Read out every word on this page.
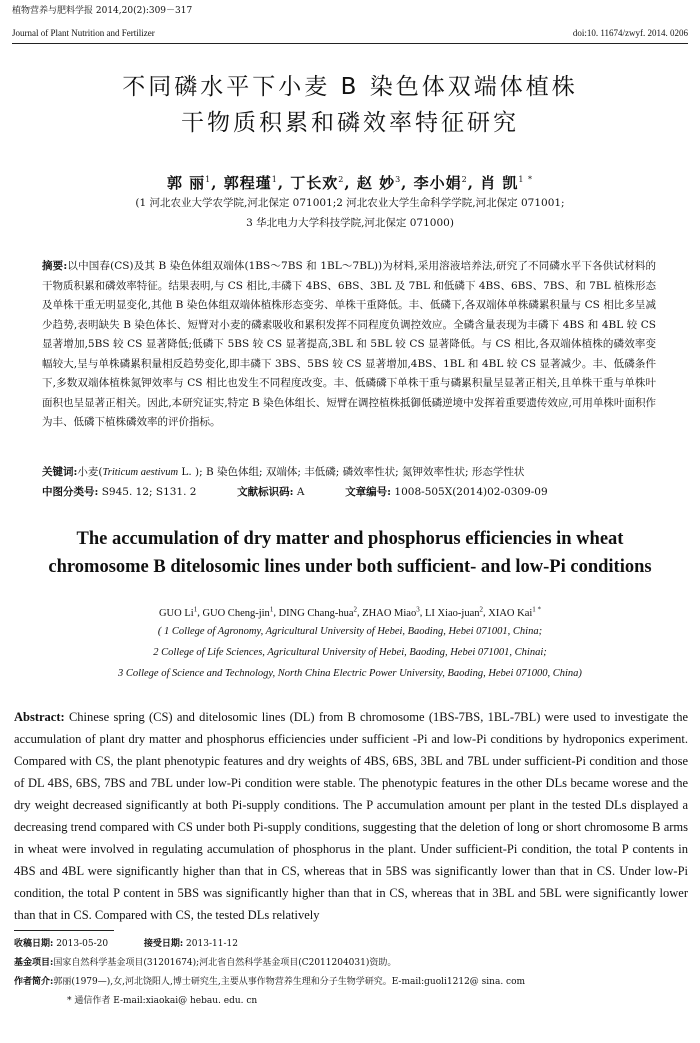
植物营养与肥料学报 2014,20(2):309－317
Journal of Plant Nutrition and Fertilizer	doi:10. 11674/zwyf. 2014. 0206
不同磷水平下小麦 B 染色体双端体植株
干物质积累和磷效率特征研究
郭 丽$^1$, 郭程瑾$^1$, 丁长欢$^2$, 赵 妙$^3$, 李小娟$^2$, 肖 凯$^{1 *}$
(1 河北农业大学农学院,河北保定 071001;2 河北农业大学生命科学学院,河北保定 071001;
3 华北电力大学科技学院,河北保定 071000)
摘要:以中国春(CS)及其 B 染色体组双端体(1BS～7BS 和 1BL～7BL))为材料,采用溶液培养法,研究了不同磷水平下各供试材料的干物质积累和磷效率特征。结果表明,与 CS 相比,丰磷下 4BS、6BS、3BL 及 7BL 和低磷下 4BS、6BS、7BS、和 7BL 植株形态及单株干重无明显变化,其他 B 染色体组双端体植株形态变劣、单株干重降低。丰、低磷下,各双端体单株磷累积量与 CS 相比多呈减少趋势,表明缺失 B 染色体长、短臂对小麦的磷素吸收和累积发挥不同程度负调控效应。全磷含量表现为丰磷下 4BS 和 4BL 较 CS 显著增加,5BS 较 CS 显著降低;低磷下 5BS 较 CS 显著提高,3BL 和 5BL 较 CS 显著降低。与 CS 相比,各双端体植株的磷效率变幅较大,呈与单株磷累积量相反趋势变化,即丰磷下 3BS、5BS 较 CS 显著增加,4BS、1BL 和 4BL 较 CS 显著减少。丰、低磷条件下,多数双端体植株氮钾效率与 CS 相比也发生不同程度改变。丰、低磷磷下单株干重与磷累积量呈显著正相关,且单株干重与单株叶面积也呈显著正相关。因此,本研究证实,特定 B 染色体组长、短臂在调控植株抵御低磷逆境中发挥着重要遗传效应,可用单株叶面积作为丰、低磷下植株磷效率的评价指标。
关键词:小麦(Triticum aestivum L. ); B 染色体组; 双端体; 丰低磷; 磷效率性状; 氮钾效率性状; 形态学性状
中图分类号: S945. 12; S131. 2	文献标识码: A	文章编号: 1008-505X(2014)02-0309-09
The accumulation of dry matter and phosphorus efficiencies in wheat
chromosome B ditelosomic lines under both sufficient- and low-Pi conditions
GUO Li$^1$, GUO Cheng-jin$^1$, DING Chang-hua$^2$, ZHAO Miao$^3$, LI Xiao-juan$^2$, XIAO Kai$^{1 *}$
( 1 College of Agronomy, Agricultural University of Hebei, Baoding, Hebei 071001, China;
2 College of Life Sciences, Agricultural University of Hebei, Baoding, Hebei 071001, Chinai;
3 College of Science and Technology, North China Electric Power University, Baoding, Hebei 071000, China)
Abstract: Chinese spring (CS) and ditelosomic lines (DL) from B chromosome (1BS-7BS, 1BL-7BL) were used to investigate the accumulation of plant dry matter and phosphorus efficiencies under sufficient -Pi and low-Pi conditions by hydroponics experiment. Compared with CS, the plant phenotypic features and dry weights of 4BS, 6BS, 3BL and 7BL under sufficient-Pi condition and those of DL 4BS, 6BS, 7BS and 7BL under low-Pi condition were stable. The phenotypic features in the other DLs became worese and the dry weight decreased significantly at both Pi-supply conditions. The P accumulation amount per plant in the tested DLs displayed a decreasing trend compared with CS under both Pi-supply conditions, suggesting that the deletion of long or short chromosome B arms in wheat were involved in regulating accumulation of phosphorus in the plant. Under sufficient-Pi condition, the total P contents in 4BS and 4BL were significantly higher than that in CS, whereas that in 5BS was significantly lower than that in CS. Under low-Pi condition, the total P content in 5BS was significantly higher than that in CS, whereas that in 3BL and 5BL were significantly lower than that in CS. Compared with CS, the tested DLs relatively
收稿日期: 2013-05-20	接受日期: 2013-11-12
基金项目:国家自然科学基金项目(31201674);河北省自然科学基金项目(C2011204031)资助。
作者简介:郭丽(1979—),女,河北饶阳人,博士研究生,主要从事作物营养生理和分子生物学研究。E-mail:guoli1212@ sina. com
* 通信作者 E-mail:xiaokai@ hebau. edu. cn
